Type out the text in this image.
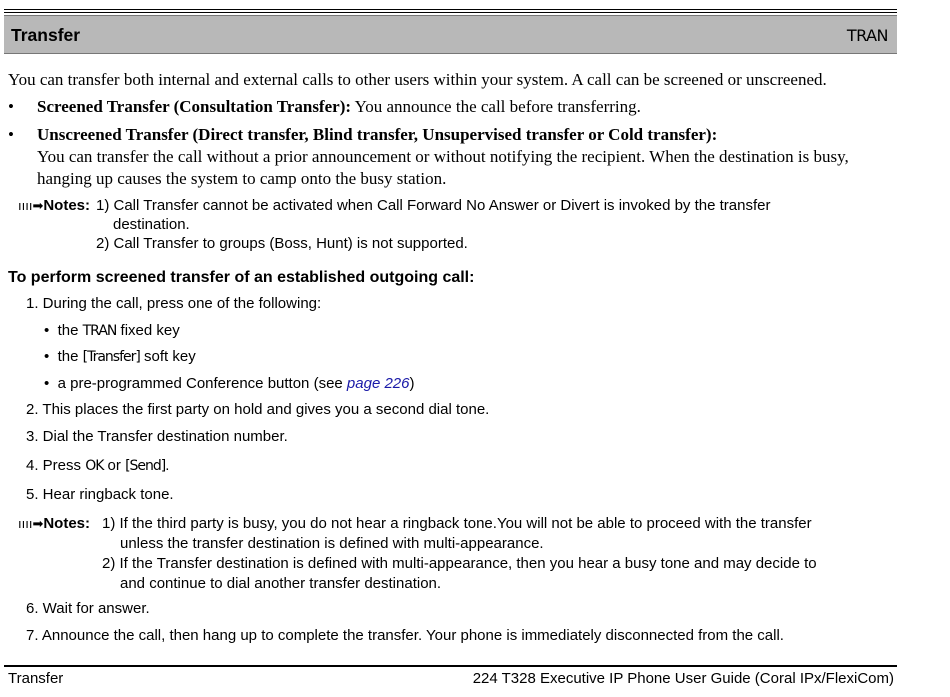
Transfer	TRAN
You can transfer both internal and external calls to other users within your system. A call can be screened or unscreened.
• Screened Transfer (Consultation Transfer): You announce the call before transferring.
• Unscreened Transfer (Direct transfer, Blind transfer, Unsupervised transfer or Cold transfer):
You can transfer the call without a prior announcement or without notifying the recipient. When the destination is busy,
hanging up causes the system to camp onto the busy station.
ıııı➡Notes: 1) Call Transfer cannot be activated when Call Forward No Answer or Divert is invoked by the transfer
destination.
2) Call Transfer to groups (Boss, Hunt) is not supported.
To perform screened transfer of an established outgoing call:
1. During the call, press one of the following:
•  the TRAN fixed key
•  the [Transfer] soft key
•  a pre-programmed Conference button (see page 226)
2. This places the first party on hold and gives you a second dial tone.
3. Dial the Transfer destination number.
4. Press OK or [Send].
5. Hear ringback tone.
ıııı➡Notes: 1) If the third party is busy, you do not hear a ringback tone.You will not be able to proceed with the transfer
unless the transfer destination is defined with multi-appearance.
2) If the Transfer destination is defined with multi-appearance, then you hear a busy tone and may decide to
and continue to dial another transfer destination.
6. Wait for answer.
7. Announce the call, then hang up to complete the transfer. Your phone is immediately disconnected from the call.
Transfer	224 T328 Executive IP Phone User Guide (Coral IPx/FlexiCom)
